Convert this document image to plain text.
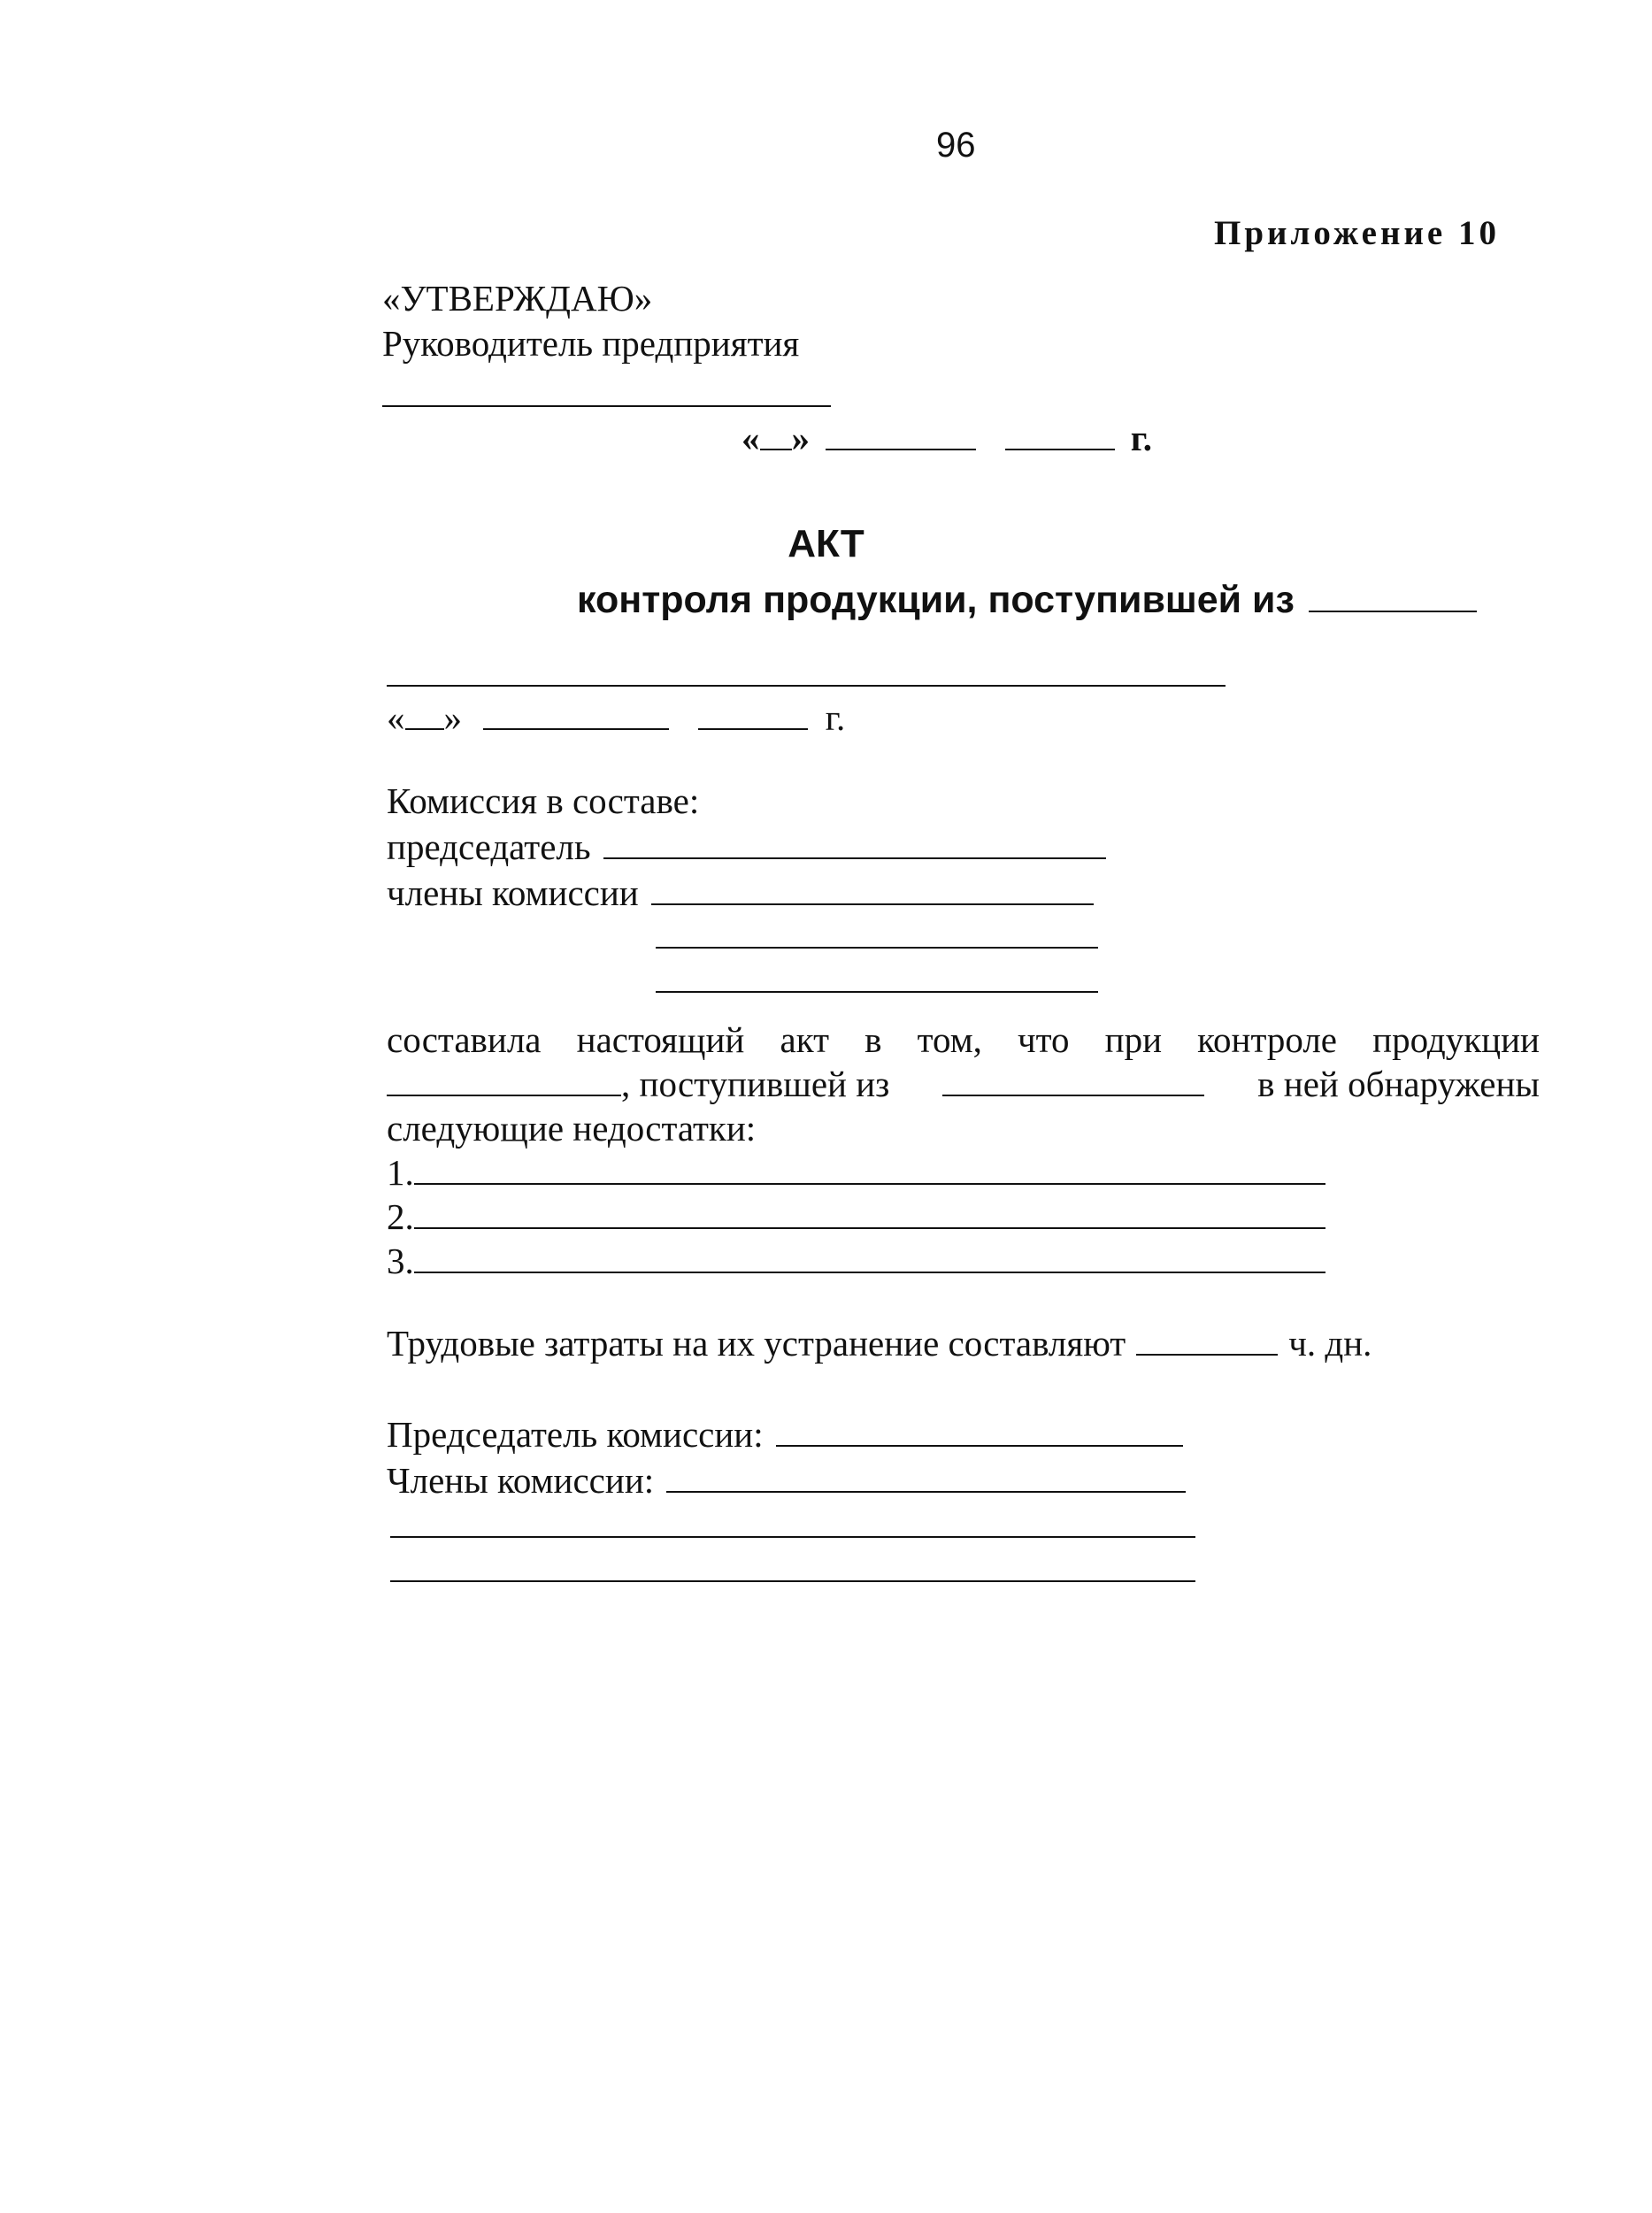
96
Приложение 10
«УТВЕРЖДАЮ»
Руководитель предприятия
« »	г.
АКТ
контроля продукции, поступившей из
« »	г.
Комиссия в составе:
председатель
члены комиссии
составила настоящий акт в том, что при контроле продукции
, поступившей из	в ней обнаружены
следующие недостатки:
1.
2.
3.
Трудовые затраты на их устранение составляют	ч. дн.
Председатель комиссии:
Члены комиссии:
